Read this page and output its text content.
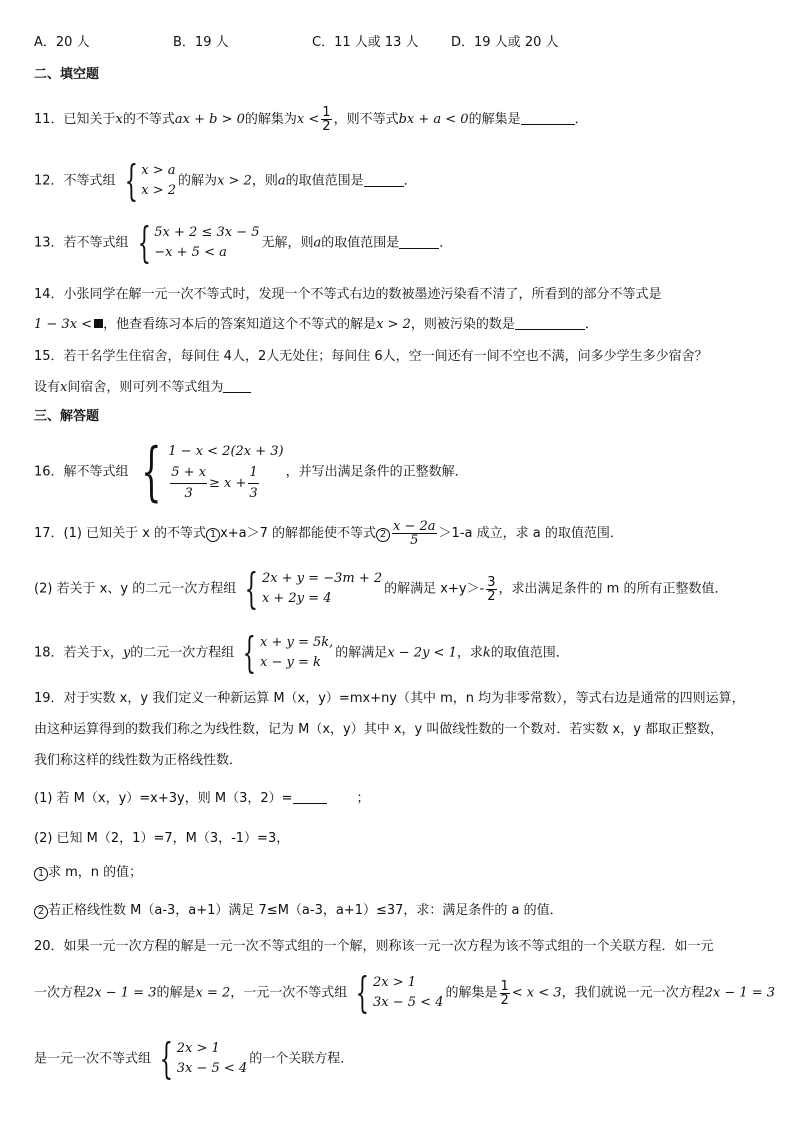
A．20 人	B．19 人	C．11 人或 13 人 D．19 人或 20 人
二、填空题
11．已知关于x的不等式ax + b > 0的解集为$x < \frac{1}{2}$ ，则不等式bx + a < 0的解集是	．
12．不等式组 { x > a
x > 2
的解为x > 2，则a的取值范围是	．
13．若不等式组 { 5x + 2 ≤ 3x − 5
−x + 5 < a
无解，则a的取值范围是	．
14．小张同学在解一元一次不等式时，发现一个不等式右边的数被墨迹污染看不清了，所看到的部分不等式是
1 − 3x < ，他查看练习本后的答案知道这个不等式的解是x > 2，则被污染的数是	．
15．若干名学生住宿舍，每间住 4人，2人无处住；每间住 6人，空一间还有一间不空也不满，问多少学生多少宿舍？
设有x间宿舍，则可列不等式组为
三、解答题
16．解不等式组 { 1 − x < 2(2x + 3)
$\frac{5 + x}{3} \ge x + \frac{1}{3}$ ，并写出满足条件的正整数解．
17．(1) 已知关于 x 的不等式 1 x+a＞7 的解都能使不等式 $2 \frac{x - 2a}{5} >1-a$ 成立，求 a 的取值范围．
(2) 若关于 x、y 的二元一次方程组 { 2x + y = −3m + 2
x + 2y = 4
的解满足 $x+y>- \frac{3}{2}$ ，求出满足条件的 m 的所有正整数值．
18．若关于x，y的二元一次方程组 { x + y = 5k,
x − y = k
的解满足x − 2y < 1，求k的取值范围．
19．对于实数 x，y 我们定义一种新运算 M（x，y）=mx+ny（其中 m，n 均为非零常数），等式右边是通常的四则运算，
由这种运算得到的数我们称之为线性数，记为 M（x，y）其中 x，y 叫做线性数的一个数对．若实数 x，y 都取正整数，
我们称这样的线性数为正格线性数．
(1) 若 M（x，y）=x+3y，则 M（3，2）=	；
(2) 已知 M（2，1）=7，M（3，-1）=3，
1 求 m，n 的值；
2 若正格线性数 M（a-3，a+1）满足 7≤M（a-3，a+1）≤37，求：满足条件的 a 的值．
20．如果一元一次方程的解是一元一次不等式组的一个解，则称该一元一次方程为该不等式组的一个关联方程．如一元
一次方程2x − 1 = 3的解是x = 2，一元一次不等式组 { 2x > 1
3x − 5 < 4
的解集是 $\frac{1}{2} < x < 3$，我们就说一元一次方程2x − 1 = 3
是一元一次不等式组 { 2x > 1
3x − 5 < 4
的一个关联方程．
